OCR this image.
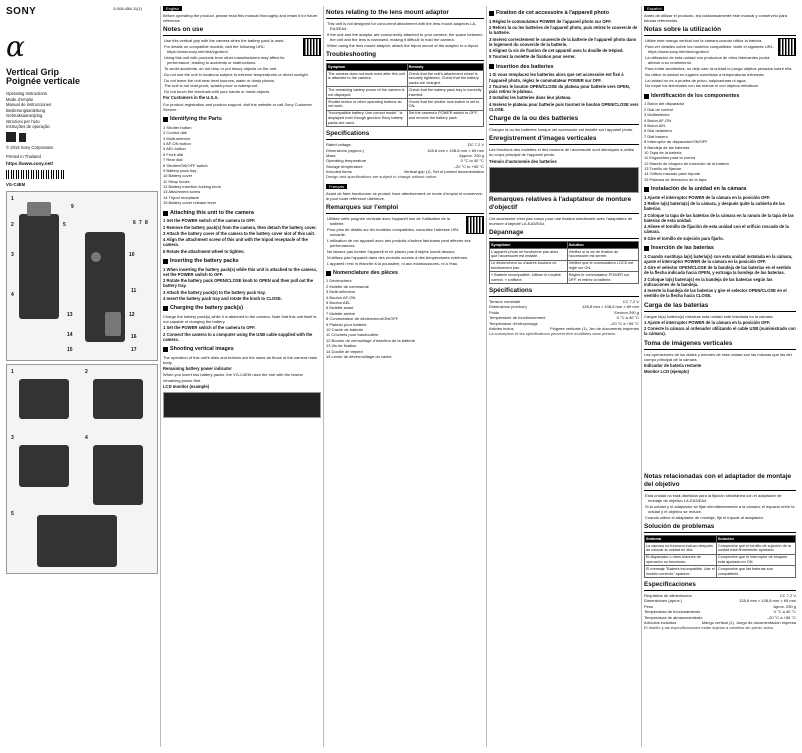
SONY
α
Vertical Grip
Poignée verticale
Operating Instructions
Mode d'emploi
Manual de instrucciones
Bedienungsanleitung
Gebruiksaanwijzing
Istruzioni per l'uso
Instruções de operação
© 2019 Sony Corporation
Printed in Thailand
https://www.sony.net/
VG-C4EM
1
2
3
4
5	6 7 8
9
10
11
12
13
14
15
16
17
1	2
3	4
5
English
Before operating the product, please read this manual thoroughly and retain it for future reference.
Notes on use
Use this vertical grip with the camera when the battery pack is used.
For details on compatible models, visit the following URL: https://www.sony.net/dics/vgc4em/
Using this unit with products from other manufacturers may affect its performance, leading to accidents or malfunctions.
To avoid accidents, do not drop or put heavy objects on the unit.
Do not use the unit in locations subject to extreme temperatures or direct sunlight.
Do not leave the unit near heat sources, water or dusty places.
The unit is not dust-proof, splash-proof or waterproof.
Do not touch the terminals with your hands or metal objects.
For Customers in the U.S.A.
For product registration and product support, visit the website or call Sony Customer Service.
Identifying the Parts
1 Shutter button
2 Control dial
3 Multi-selector
4 AF-ON button
5 AEL button
6 Front dial
7 Rear dial
8 Shutter/ON/OFF switch
9 Battery pack tray
10 Battery cover
11 Strap hooks
12 Battery insertion locking knob
13 Attachment screw
14 Tripod receptacle
15 Battery cover release lever
Attaching this unit to the camera
1 Set the POWER switch of the camera to OFF.
2 Remove the battery pack(s) from the camera, then detach the battery cover.
3 Attach the battery cover of the camera to the battery cover slot of this unit.
4 Align the attachment screw of this unit with the tripod receptacle of the camera.
5 Rotate the attachment wheel to tighten.
Inserting the battery packs
1 When inserting the battery pack(s) while this unit is attached to the camera, set the POWER switch to OFF.
2 Rotate the battery pack OPEN/CLOSE knob to OPEN and then pull out the battery tray.
3 Attach the battery pack(s) to the battery pack tray.
4 Insert the battery pack tray and rotate the knob to CLOSE.
Charging the battery pack(s)
Charge the battery pack(s) while it is attached to the camera. Note that this unit itself is not capable of charging the battery.
1 Set the POWER switch of the camera to OFF.
2 Connect the camera to a computer using the USB cable supplied with the camera.
Shooting vertical images
The operation of this unit's dials and buttons are the same as those of the camera main body.
Remaining battery power indicator
When you insert two battery packs, the VG-C4EM uses the one with the lowest remaining power first.
LCD monitor (example)
Notes relating to the lens mount adaptor
This unit is not designed for concurrent attachment with the lens mount adaptors LA-EA3/EA4.
If the unit and the adaptor are concurrently attached to your camera, the space between the unit and the lens is narrowed, making it difficult to hold the camera.
When using the lens mount adaptor, attach the tripod mount of the adaptor to a tripod.
Troubleshooting
Symptom	Remedy
The camera does not work even after this unit is attached to the camera.	Check that the unit's attachment wheel is securely tightened. Check that the battery packs are charged.
The remaining battery power of the camera is not displayed.	Check that the battery pack tray is correctly inserted.
Shutter button or other operating buttons do not work.	Check that the shutter lock switch is set to ON.
"Incompatible battery. Use correct model." is displayed even though genuine Sony battery packs are used.	Set the camera's POWER switch to OFF, and remove the battery pack.
Specifications
Rated voltage	DC 7.2 V
Dimensions (approx.)	128.8 mm × 108.8 mm × 69 mm
Mass	Approx. 290 g
Operating temperature	0 °C to 40 °C
Storage temperature	–20 °C to +55 °C
Included items	Vertical grip (1), Set of printed documentation
Design and specifications are subject to change without notice.
Français
Avant de faire fonctionner ce produit, lisez attentivement ce mode d'emploi et conservez-le pour toute référence ultérieure.
Remarques sur l'emploi
Utilisez cette poignée verticale avec l'appareil lors de l'utilisation de la batterie.
Pour plus de détails sur les modèles compatibles, consultez l'adresse URL suivante.
L'utilisation de cet appareil avec des produits d'autres fabricants peut affecter ses performances.
Ne laissez pas tomber l'appareil et ne placez pas d'objets lourds dessus.
N'utilisez pas l'appareil dans des endroits soumis à des températures extrêmes.
L'appareil n'est ni étanche à la poussière, ni aux éclaboussures, ni à l'eau.
Nomenclature des pièces
1 Déclencheur
2 Molette de commande
3 Multi-sélecteur
4 Bouton AF-ON
5 Bouton AEL
6 Molette avant
7 Molette arrière
8 Commutateur de déclencheur/ON/OFF
9 Plateau pour batterie
10 Cache de batterie
11 Crochets pour bandoulière
12 Bouton de verrouillage d'insertion de la batterie
13 Vis de fixation
14 Douille de trépied
15 Levier de déverrouillage du cache
Fixation de cet accessoire à l'appareil photo
1 Réglez le commutateur POWER de l'appareil photo sur OFF.
2 Retirez la ou les batteries de l'appareil photo, puis retirez le couvercle de la batterie.
3 Insérez correctement le couvercle de la batterie de l'appareil photo dans le logement du couvercle de la batterie.
4 Alignez la vis de fixation de cet appareil avec la douille de trépied.
5 Tournez la molette de fixation pour serrer.
Insertion des batteries
1 Si vous remplacez les batteries alors que cet accessoire est fixé à l'appareil photo, réglez le commutateur POWER sur OFF.
2 Tournez le bouton OPEN/CLOSE du plateau pour batterie vers OPEN, puis retirez le plateau.
3 Installez les batteries dans leur plateau.
4 Insérez le plateau pour batterie puis tournez le bouton OPEN/CLOSE vers CLOSE.
Charge de la ou des batteries
Chargez la ou les batteries lorsque cet accessoire est installé sur l'appareil photo.
Enregistrement d'images verticales
Les fonctions des molettes et des boutons de l'accessoire sont identiques à celles du corps principal de l'appareil photo.
Témoin d'autonomie des batteries
Remarques relatives à l'adaptateur de monture d'objectif
Cet accessoire n'est pas conçu pour une fixation simultanée avec l'adaptateur de monture d'objectif LA-EA3/EA4.
Dépannage
Symptôme	Solution
L'appareil photo ne fonctionne pas alors que l'accessoire est installé.	Vérifiez si la vis de fixation de l'accessoire est serrée.
Le déclencheur ou d'autres boutons ne fonctionnent pas.	Vérifiez que le commutateur LOCK est réglé sur ON.
« Batterie incompatible. Utiliser le modèle correct. » s'affiche.	Réglez le commutateur POWER sur OFF, et retirez la batterie.
Spécifications
Tension nominale	CC 7,2 V
Dimensions (environ)	128,8 mm × 108,8 mm × 69 mm
Poids	Environ 290 g
Température de fonctionnement	0 °C à 40 °C
Température d'entreposage	–20 °C à +55 °C
Articles inclus	Poignée verticale (1), Jeu de documents imprimés
La conception et les spécifications peuvent être modifiées sans préavis.
Español
Antes de utilizar el producto, lea cuidadosamente este manual y consérvelo para futuras referencias.
Notas sobre la utilización
Utilice este mango vertical con la cámara cuando utilice la batería.
Para ver detalles sobre los modelos compatibles, visite el siguiente URL: https://www.sony.net/dics/vgc4em/
La utilización de esta unidad con productos de otros fabricantes podrá afectar a su rendimiento.
Para evitar accidentes, no deje caer la unidad ni ponga objetos pesados sobre ella.
No utilice la unidad en lugares sometidos a temperaturas extremas.
La unidad no es a prueba de polvo, salpicaduras ni agua.
No toque los terminales con las manos ni con objetos metálicos.
Identificación de los componentes
1 Botón del disparador
2 Dial de control
3 Multiselector
4 Botón AF-ON
5 Botón AEL
6 Dial delantero
7 Dial trasero
8 Interruptor de disparador/ON/OFF
9 Bandeja de las baterías
10 Tapa de la batería
11 Enganches para la correa
12 Mando de bloqueo de inserción de la batería
13 Tornillo de fijación
14 Orificio roscado para trípode
15 Palanca de liberación de la tapa
Instalación de la unidad en la cámara
1 Ajuste el interruptor POWER de la cámara en la posición OFF.
2 Retire la(s) batería(s) de la cámara, y después quite la cubierta de las baterías.
3 Coloque la tapa de las baterías de la cámara en la ranura de la tapa de las baterías de esta unidad.
4 Alinee el tornillo de fijación de esta unidad con el orificio roscado de la cámara.
5 Gire el tornillo de sujeción para fijarlo.
Inserción de las baterías
1 Cuando sustituya la(s) batería(s) con esta unidad instalada en la cámara, ajuste el interruptor POWER de la cámara en la posición OFF.
2 Gire el selector OPEN/CLOSE de la bandeja de las baterías en el sentido de la flecha indicada hacia OPEN, y extraiga la bandeja de las baterías.
3 Coloque la(s) batería(s) en la bandeja de las baterías según las indicaciones de la bandeja.
4 Inserte la bandeja de las baterías y gire el selector OPEN/CLOSE en el sentido de la flecha hacia CLOSE.
Carga de las baterías
Cargue la(s) batería(s) mientras esta unidad esté instalada en la cámara.
1 Ajuste el interruptor POWER de la cámara en la posición OFF.
2 Conecte la cámara al ordenador utilizando el cable USB (suministrado con la cámara).
Toma de imágenes verticales
Las operaciones de los diales y botones de esta unidad son las mismas que las del cuerpo principal de la cámara.
Indicador de batería restante
Monitor LCD (ejemplo)
Notas relacionadas con el adaptador de montaje del objetivo
Esta unidad no está diseñada para la fijación simultánea con el adaptador de montaje de objetivo LA-EA3/EA4.
Si la unidad y el adaptador se fijan simultáneamente a la cámara, el espacio entre la unidad y el objetivo se reduce.
Cuando utilice el adaptador de montaje, fije el trípode al adaptador.
Solución de problemas
Síntoma	Solución
La cámara no funciona incluso después de colocar la unidad en ella.	Compruebe que el tornillo de sujeción de la unidad está firmemente apretado.
El disparador u otros botones de operación no funcionan.	Compruebe que el interruptor de bloqueo está ajustado en ON.
El mensaje "Batería incompatible. Use el modelo correcto" aparece.	Compruebe que las baterías son compatibles.
Especificaciones
Requisitos de alimentación	CC 7,2 V
Dimensiones (aprox.)	128,8 mm × 108,8 mm × 69 mm
Peso	Aprox. 290 g
Temperatura de funcionamiento	0 °C a 40 °C
Temperatura de almacenamiento	–20 °C a +55 °C
Artículos incluidos	Mango vertical (1), Juego de documentación impresa
El diseño y las especificaciones están sujetos a cambios sin previo aviso.
5-008-458-11(1)
